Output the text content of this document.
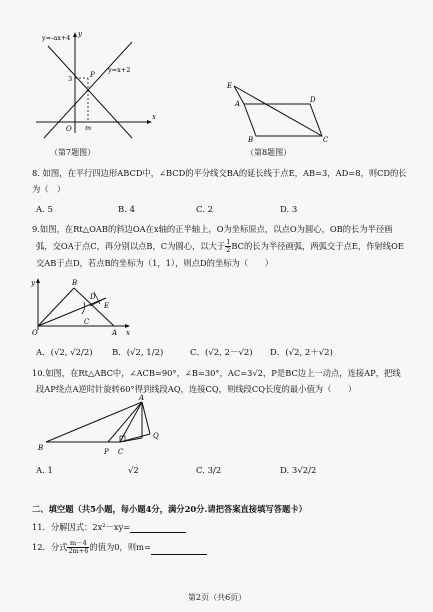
y=-ax+4
y=x+2
y
x
O m
3	P
（第7题图）
E
A	D
B	C
（第8题图）
8. 如图，在平行四边形ABCD中，∠BCD的平分线交BA的延长线于点E，AB=3，AD=8，则CD的长
为（　）
A. 5	B. 4	C. 2	D. 3
9.如图，在Rt△OAB的斜边OA在x轴的正半轴上，O为坐标原点，以点O为圆心，OB的长为半径画
弧，交OA于点C，再分别以点B，C为圆心，以大于 $\frac{1}{2}$ BC的长为半径画弧，两弧交于点E，作射线OE
交AB于点D，若点B的坐标为（1，1），则点D的坐标为（　　）
y	B
D
E
O
C
A x
A．(√2, √2/2) B．(√2, 1/2)	C．(√2, 2－√2) D．(√2, 2＋√2)
10.如图，在Rt△ABC中，∠ACB=90°，∠B=30°，AC=3√2，P是BC边上一动点，连接AP，把线
段AP绕点A逆时针旋转60°得到线段AQ，连接CQ，则线段CQ长度的最小值为（　　）
A
B	P C
Q
A. 1	√2	C. 3/2	D. 3√2/2
二、填空题（共5小题，每小题4分，满分20分.请把答案直接填写答题卡）
11．分解因式：2x²－xy=
12．分式 $\frac{m-4}{2m+6}$ 的值为0，则m=
第2页（共6页）
